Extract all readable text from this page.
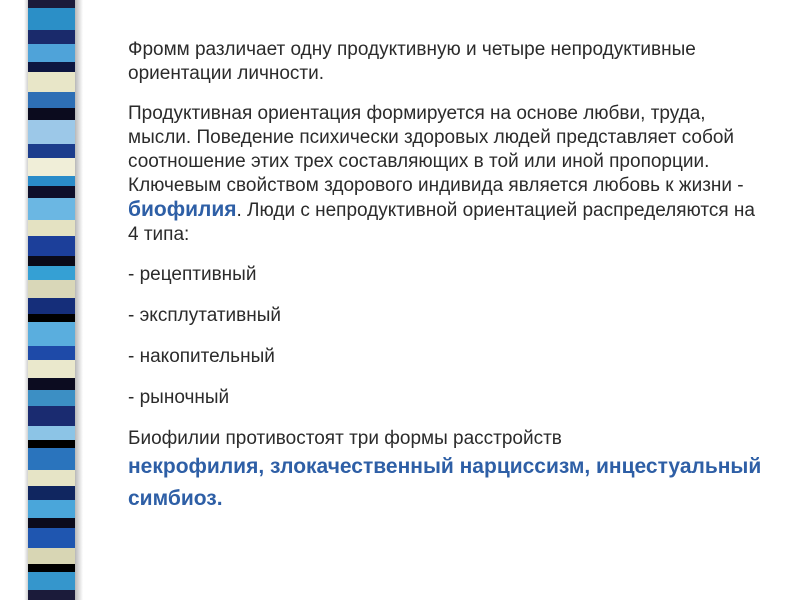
Фромм различает одну продуктивную и четыре непродуктивные ориентации личности.

Продуктивная ориентация формируется на основе любви, труда, мысли. Поведение психически здоровых людей представляет собой соотношение этих трех составляющих в той или иной пропорции. Ключевым свойством здорового индивида является любовь к жизни - биофилия. Люди с непродуктивной ориентацией распределяются на 4 типа:

- рецептивный
- эксплутативный
- накопительный
- рыночный
Биофилии противостоят три формы расстройств
некрофилия, злокачественный нарциссизм, инцестуальный симбиоз.
